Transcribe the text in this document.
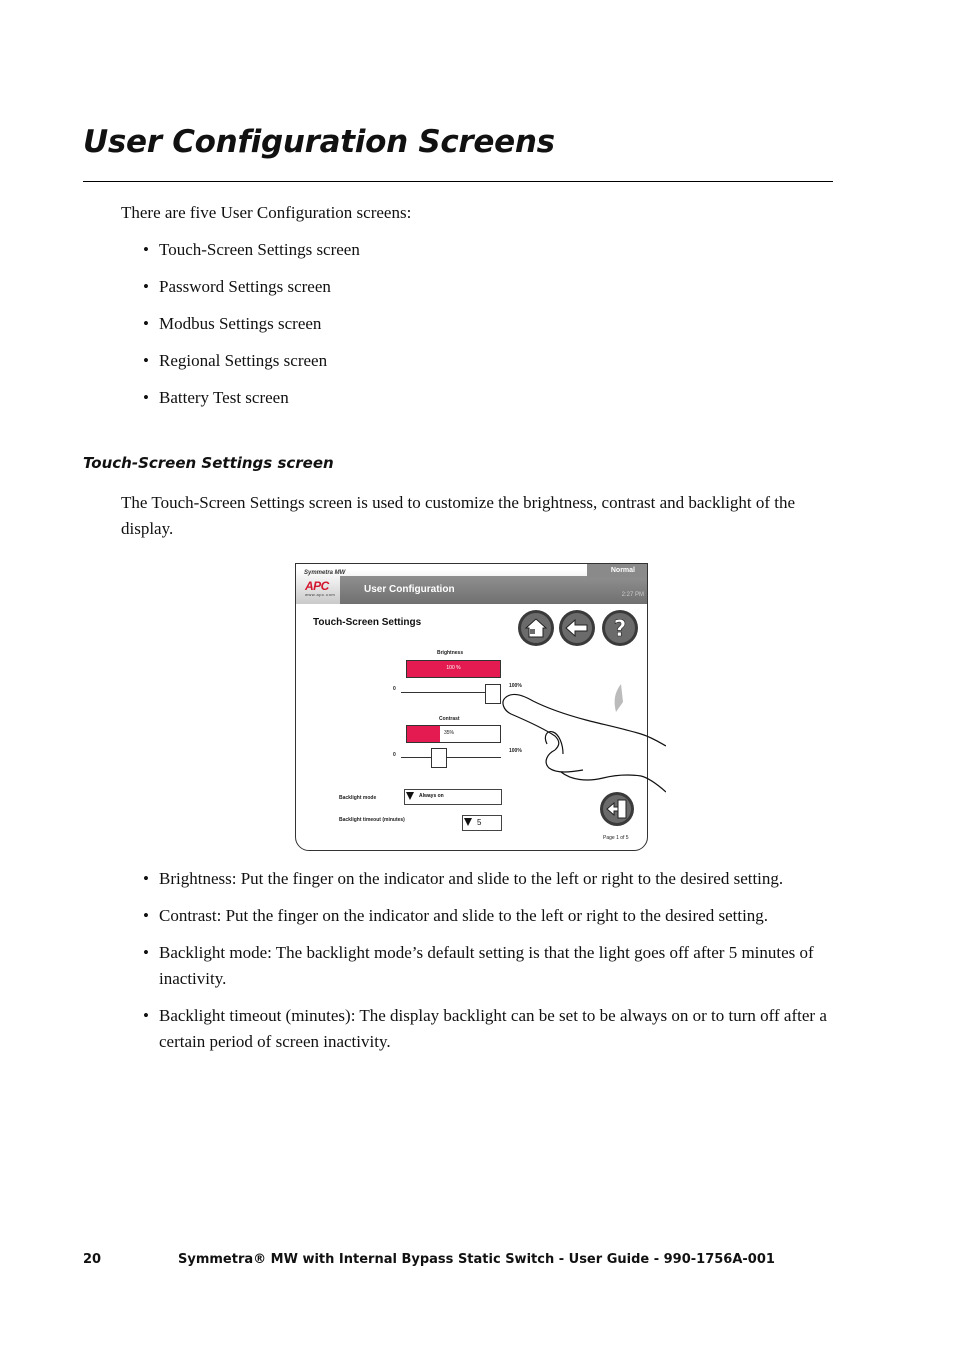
User Configuration Screens
There are five User Configuration screens:
• Touch-Screen Settings screen
• Password Settings screen
• Modbus Settings screen
• Regional Settings screen
• Battery Test screen
Touch-Screen Settings screen
The Touch-Screen Settings screen is used to customize the brightness, contrast and backlight of the display.
Symmetra MW
APC
www.apc.com	User Configuration
Normal
2:27 PM
Touch-Screen Settings	?
Brightness
100 %
0	100%
Contrast
35%
0
100%
Backlight mode	Always on
Backlight timeout (minutes)	5
Page 1 of 5
• Brightness: Put the finger on the indicator and slide to the left or right to the desired setting.
• Contrast: Put the finger on the indicator and slide to the left or right to the desired setting.
• Backlight mode: The backlight mode’s default setting is that the light goes off after 5 minutes of inactivity.
• Backlight timeout (minutes): The display backlight can be set to be always on or to turn off after a certain period of screen inactivity.
20	Symmetra® MW with Internal Bypass Static Switch - User Guide - 990-1756A-001
